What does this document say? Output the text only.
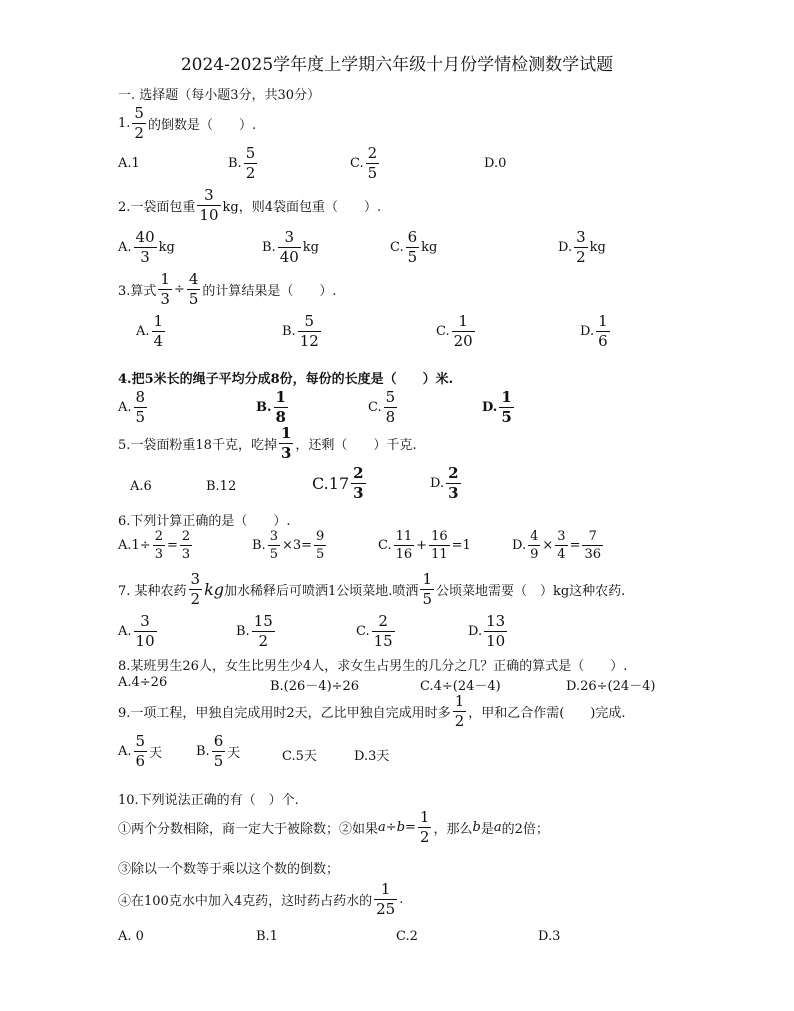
2024-2025学年度上学期六年级十月份学情检测数学试题
一. 选择题（每小题3分，共30分）
1. $\frac{5}{2}$ 的倒数是（　　）.
A.1	B. $\frac{5}{2}$	C. $\frac{2}{5}$	D.0
2.一袋面包重 $\frac{3}{10}$ kg，则4袋面包重（　　）.
A. $\frac{40}{3}$ kg	B. $\frac{3}{40}$ kg	C. $\frac{6}{5}$ kg	D. $\frac{3}{2}$ kg
3.算式 $\frac{1}{3} \div \frac{4}{5}$ 的计算结果是（　　）.
A. $\frac{1}{4}$	B. $\frac{5}{12}$	C. $\frac{1}{20}$	D. $\frac{1}{6}$
4.把5米长的绳子平均分成8份，每份的长度是（　　）米.
A. $\frac{8}{5}$	B. $\frac{1}{8}$	C. $\frac{5}{8}$	D. $\frac{1}{5}$
5.一袋面粉重18千克，吃掉 $\frac{1}{3}$ ，还剩（　　）千克.
A.6	B.12	$C.17 \frac{2}{3}$	D. $\frac{2}{3}$
6.下列计算正确的是（　　）.
$A.1\div \frac{2}{3} = \frac{2}{3}$	B. $\frac{3}{5} \times 3= \frac{9}{5}$	C. $\frac{11}{16} + \frac{16}{11} =1$	D. $\frac{4}{9} \times \frac{3}{4} = \frac{7}{36}$
7. 某种农药 $\frac{3}{2}$ kg加水稀释后可喷洒1公顷菜地.喷洒 $\frac{1}{5}$ 公顷菜地需要（　）kg这种农药.
A. $\frac{3}{10}$	B. $\frac{15}{2}$	C. $\frac{2}{15}$	D. $\frac{13}{10}$
8.某班男生26人，女生比男生少4人，求女生占男生的几分之几？正确的算式是（　　）.
A.4÷26	B.(26－4)÷26	C.4÷(24－4)	D.26÷(24－4)
9.一项工程，甲独自完成用时2天，乙比甲独自完成用时多 $\frac{1}{2}$ ，甲和乙合作需(　　)完成.
A. $\frac{5}{6}$ 天	B. $\frac{6}{5}$ 天	C.5天	D.3天
10.下列说法正确的有（　）个.
①两个分数相除，商一定大于被除数；②如果$a\div b= \frac{1}{2}$ ，那么b是a的2倍；
③除以一个数等于乘以这个数的倒数；
④在100克水中加入4克药，这时药占药水的 $\frac{1}{25}$ .
A. 0	B.1	C.2	D.3
